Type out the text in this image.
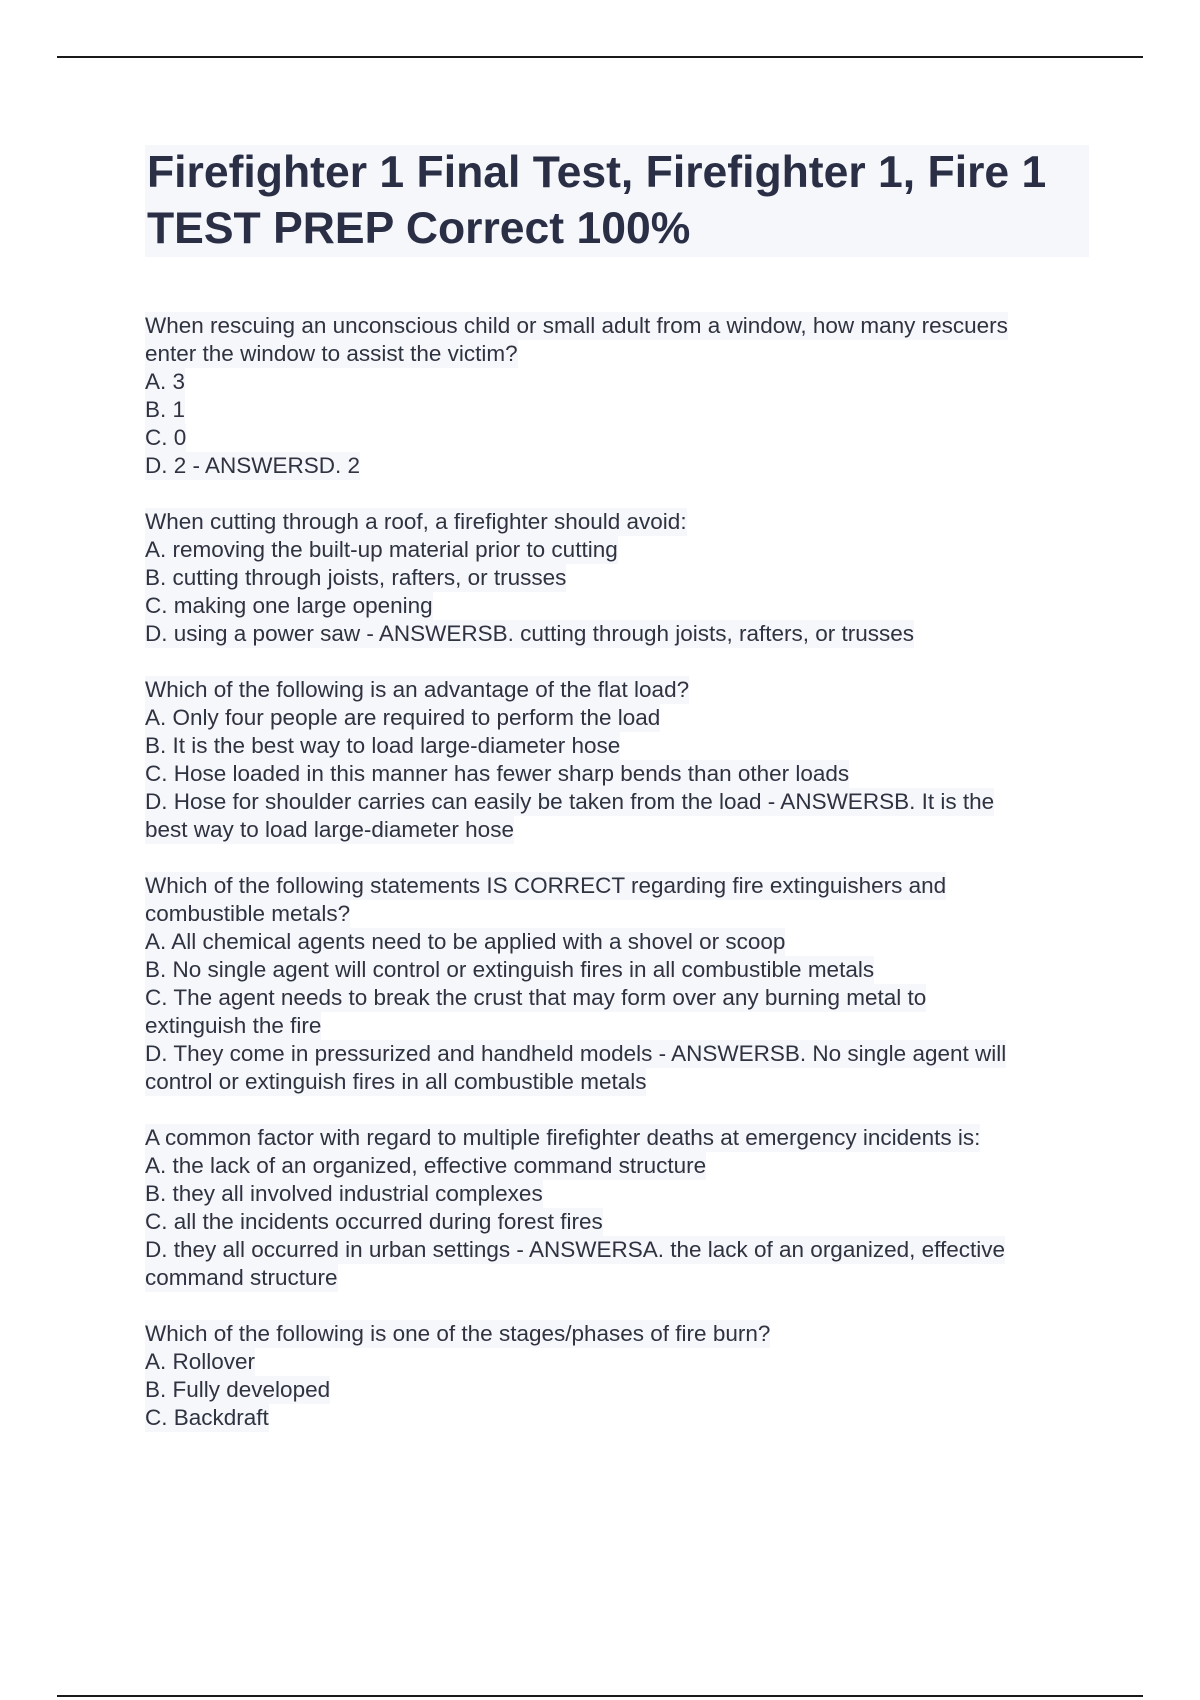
Firefighter 1 Final Test, Firefighter 1, Fire 1 TEST PREP Correct 100%
When rescuing an unconscious child or small adult from a window, how many rescuers
enter the window to assist the victim?
A. 3
B. 1
C. 0
D. 2 - ANSWERSD. 2
When cutting through a roof, a firefighter should avoid:
A. removing the built-up material prior to cutting
B. cutting through joists, rafters, or trusses
C. making one large opening
D. using a power saw - ANSWERSB. cutting through joists, rafters, or trusses
Which of the following is an advantage of the flat load?
A. Only four people are required to perform the load
B. It is the best way to load large-diameter hose
C. Hose loaded in this manner has fewer sharp bends than other loads
D. Hose for shoulder carries can easily be taken from the load - ANSWERSB. It is the
best way to load large-diameter hose
Which of the following statements IS CORRECT regarding fire extinguishers and
combustible metals?
A. All chemical agents need to be applied with a shovel or scoop
B. No single agent will control or extinguish fires in all combustible metals
C. The agent needs to break the crust that may form over any burning metal to
extinguish the fire
D. They come in pressurized and handheld models - ANSWERSB. No single agent will
control or extinguish fires in all combustible metals
A common factor with regard to multiple firefighter deaths at emergency incidents is:
A. the lack of an organized, effective command structure
B. they all involved industrial complexes
C. all the incidents occurred during forest fires
D. they all occurred in urban settings - ANSWERSA. the lack of an organized, effective
command structure
Which of the following is one of the stages/phases of fire burn?
A. Rollover
B. Fully developed
C. Backdraft
